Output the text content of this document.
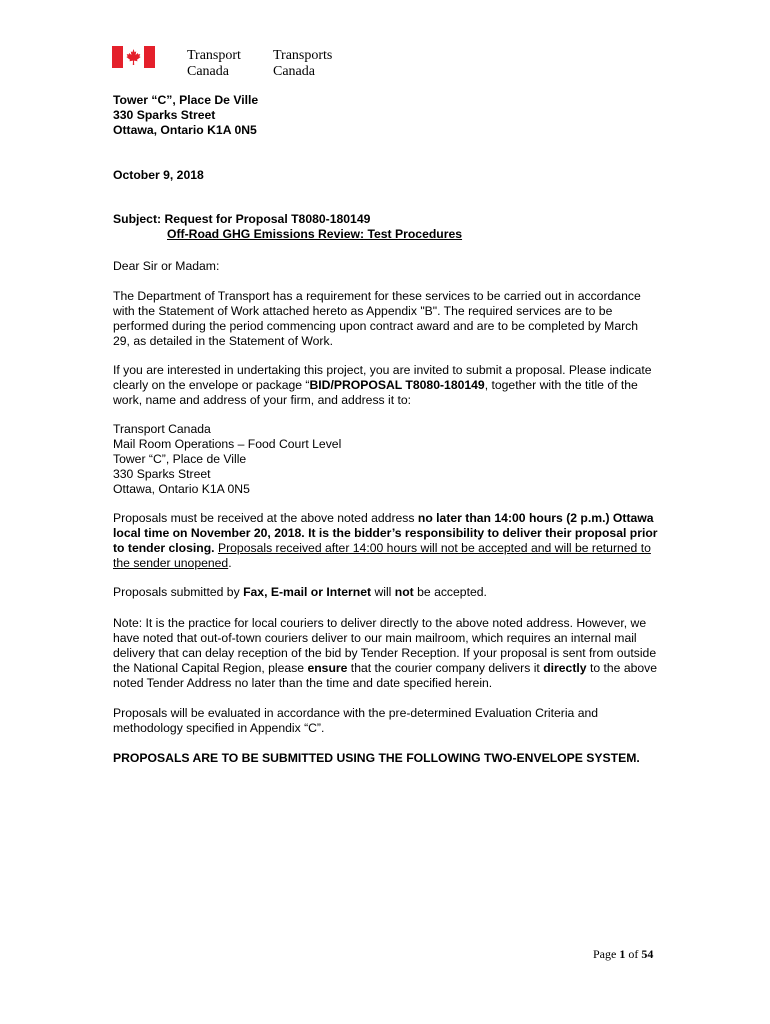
Transport
Canada
Transports
Canada
Tower “C”, Place De Ville
330 Sparks Street
Ottawa, Ontario K1A 0N5
October 9, 2018
Subject: Request for Proposal T8080-180149
Off-Road GHG Emissions Review: Test Procedures
Dear Sir or Madam:
The Department of Transport has a requirement for these services to be carried out in accordance with the Statement of Work attached hereto as Appendix "B". The required services are to be performed during the period commencing upon contract award and are to be completed by March 29, as detailed in the Statement of Work.
If you are interested in undertaking this project, you are invited to submit a proposal. Please indicate clearly on the envelope or package “BID/PROPOSAL T8080-180149, together with the title of the work, name and address of your firm, and address it to:
Transport Canada
Mail Room Operations – Food Court Level
Tower “C”, Place de Ville
330 Sparks Street
Ottawa, Ontario K1A 0N5
Proposals must be received at the above noted address no later than 14:00 hours (2 p.m.) Ottawa local time on November 20, 2018. It is the bidder’s responsibility to deliver their proposal prior to tender closing. Proposals received after 14:00 hours will not be accepted and will be returned to the sender unopened.
Proposals submitted by Fax, E-mail or Internet will not be accepted.
Note: It is the practice for local couriers to deliver directly to the above noted address. However, we have noted that out-of-town couriers deliver to our main mailroom, which requires an internal mail delivery that can delay reception of the bid by Tender Reception. If your proposal is sent from outside the National Capital Region, please ensure that the courier company delivers it directly to the above noted Tender Address no later than the time and date specified herein.
Proposals will be evaluated in accordance with the pre-determined Evaluation Criteria and methodology specified in Appendix “C”.
PROPOSALS ARE TO BE SUBMITTED USING THE FOLLOWING TWO-ENVELOPE SYSTEM.
Page 1 of 54
